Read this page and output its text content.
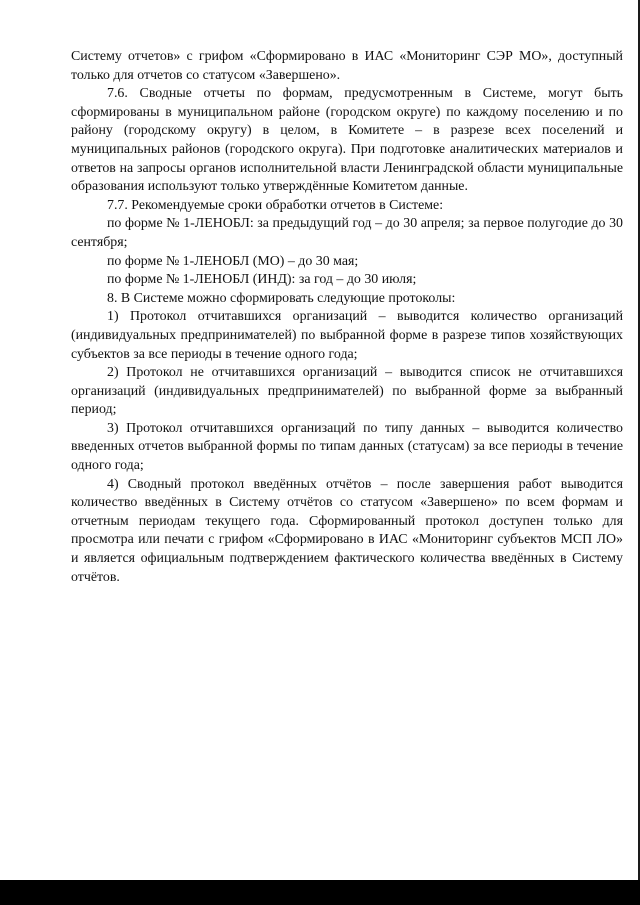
Систему отчетов» с грифом «Сформировано в ИАС «Мониторинг СЭР МО», доступный только для отчетов со статусом «Завершено».

7.6. Сводные отчеты по формам, предусмотренным в Системе, могут быть сформированы в муниципальном районе (городском округе) по каждому поселению и по району (городскому округу) в целом, в Комитете – в разрезе всех поселений и муниципальных районов (городского округа). При подготовке аналитических материалов и ответов на запросы органов исполнительной власти Ленинградской области муниципальные образования используют только утверждённые Комитетом данные.

7.7. Рекомендуемые сроки обработки отчетов в Системе:

по форме № 1-ЛЕНОБЛ: за предыдущий год – до 30 апреля; за первое полугодие до 30 сентября;

по форме № 1-ЛЕНОБЛ (МО) – до 30 мая;

по форме № 1-ЛЕНОБЛ (ИНД): за год – до 30 июля;

8. В Системе можно сформировать следующие протоколы:

1) Протокол отчитавшихся организаций – выводится количество организаций (индивидуальных предпринимателей) по выбранной форме в разрезе типов хозяйствующих субъектов за все периоды в течение одного года;

2) Протокол не отчитавшихся организаций – выводится список не отчитавшихся организаций (индивидуальных предпринимателей) по выбранной форме за выбранный период;

3) Протокол отчитавшихся организаций по типу данных – выводится количество введенных отчетов выбранной формы по типам данных (статусам) за все периоды в течение одного года;

4) Сводный протокол введённых отчётов – после завершения работ выводится количество введённых в Систему отчётов со статусом «Завершено» по всем формам и отчетным периодам текущего года. Сформированный протокол доступен только для просмотра или печати с грифом «Сформировано в ИАС «Мониторинг субъектов МСП ЛО» и является официальным подтверждением фактического количества введённых в Систему отчётов.
